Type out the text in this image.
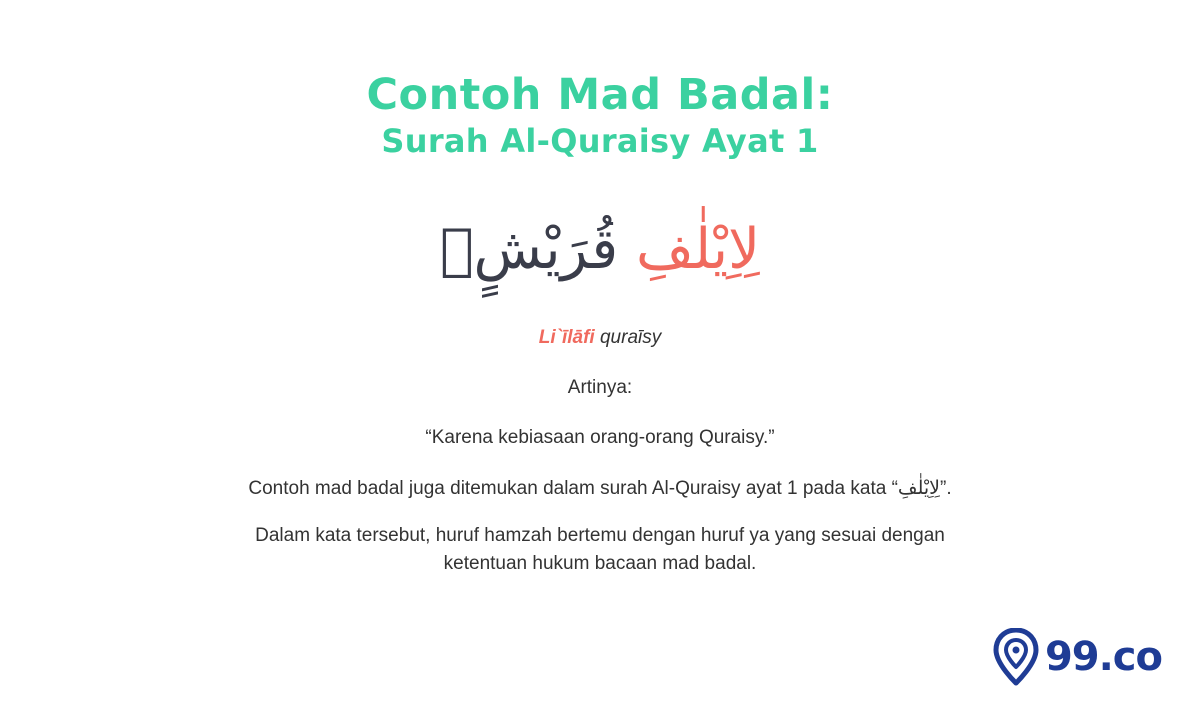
Contoh Mad Badal:
Surah Al-Quraisy Ayat 1
لِاِيْلٰفِ قُرَيْشٍۙ
Li`īlāfi quraīsy
Artinya:
“Karena kebiasaan orang-orang Quraisy.”
Contoh mad badal juga ditemukan dalam surah Al-Quraisy ayat 1 pada kata “لِاِيْلٰفِ”.
Dalam kata tersebut, huruf hamzah bertemu dengan huruf ya yang sesuai dengan
ketentuan hukum bacaan mad badal.
99.co
